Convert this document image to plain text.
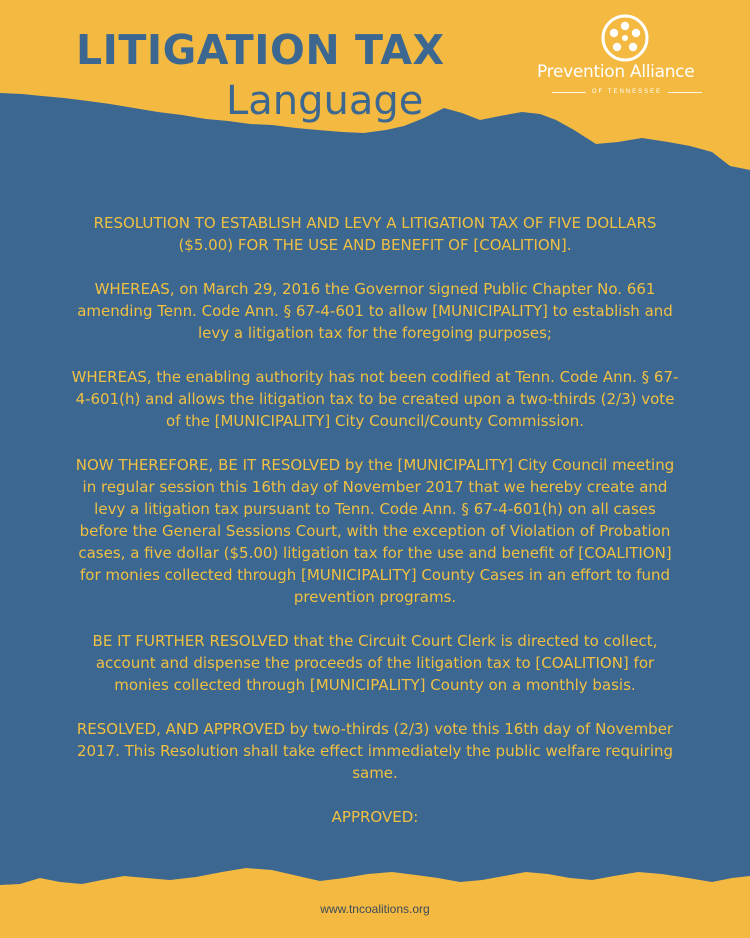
LITIGATION TAX
Language
Prevention Alliance
OF TENNESSEE

RESOLUTION TO ESTABLISH AND LEVY A LITIGATION TAX OF FIVE DOLLARS ($5.00) FOR THE USE AND BENEFIT OF [COALITION].

WHEREAS, on March 29, 2016 the Governor signed Public Chapter No. 661 amending Tenn. Code Ann. § 67-4-601 to allow [MUNICIPALITY] to establish and levy a litigation tax for the foregoing purposes;

WHEREAS, the enabling authority has not been codified at Tenn. Code Ann. § 67-4-601(h) and allows the litigation tax to be created upon a two-thirds (2/3) vote of the [MUNICIPALITY] City Council/County Commission.

NOW THEREFORE, BE IT RESOLVED by the [MUNICIPALITY] City Council meeting in regular session this 16th day of November 2017 that we hereby create and levy a litigation tax pursuant to Tenn. Code Ann. § 67-4-601(h) on all cases before the General Sessions Court, with the exception of Violation of Probation cases, a five dollar ($5.00) litigation tax for the use and benefit of [COALITION] for monies collected through [MUNICIPALITY] County Cases in an effort to fund prevention programs.

BE IT FURTHER RESOLVED that the Circuit Court Clerk is directed to collect, account and dispense the proceeds of the litigation tax to [COALITION] for monies collected through [MUNICIPALITY] County on a monthly basis.

RESOLVED, AND APPROVED by two-thirds (2/3) vote this 16th day of November 2017. This Resolution shall take effect immediately the public welfare requiring same.

APPROVED:

www.tncoalitions.org
